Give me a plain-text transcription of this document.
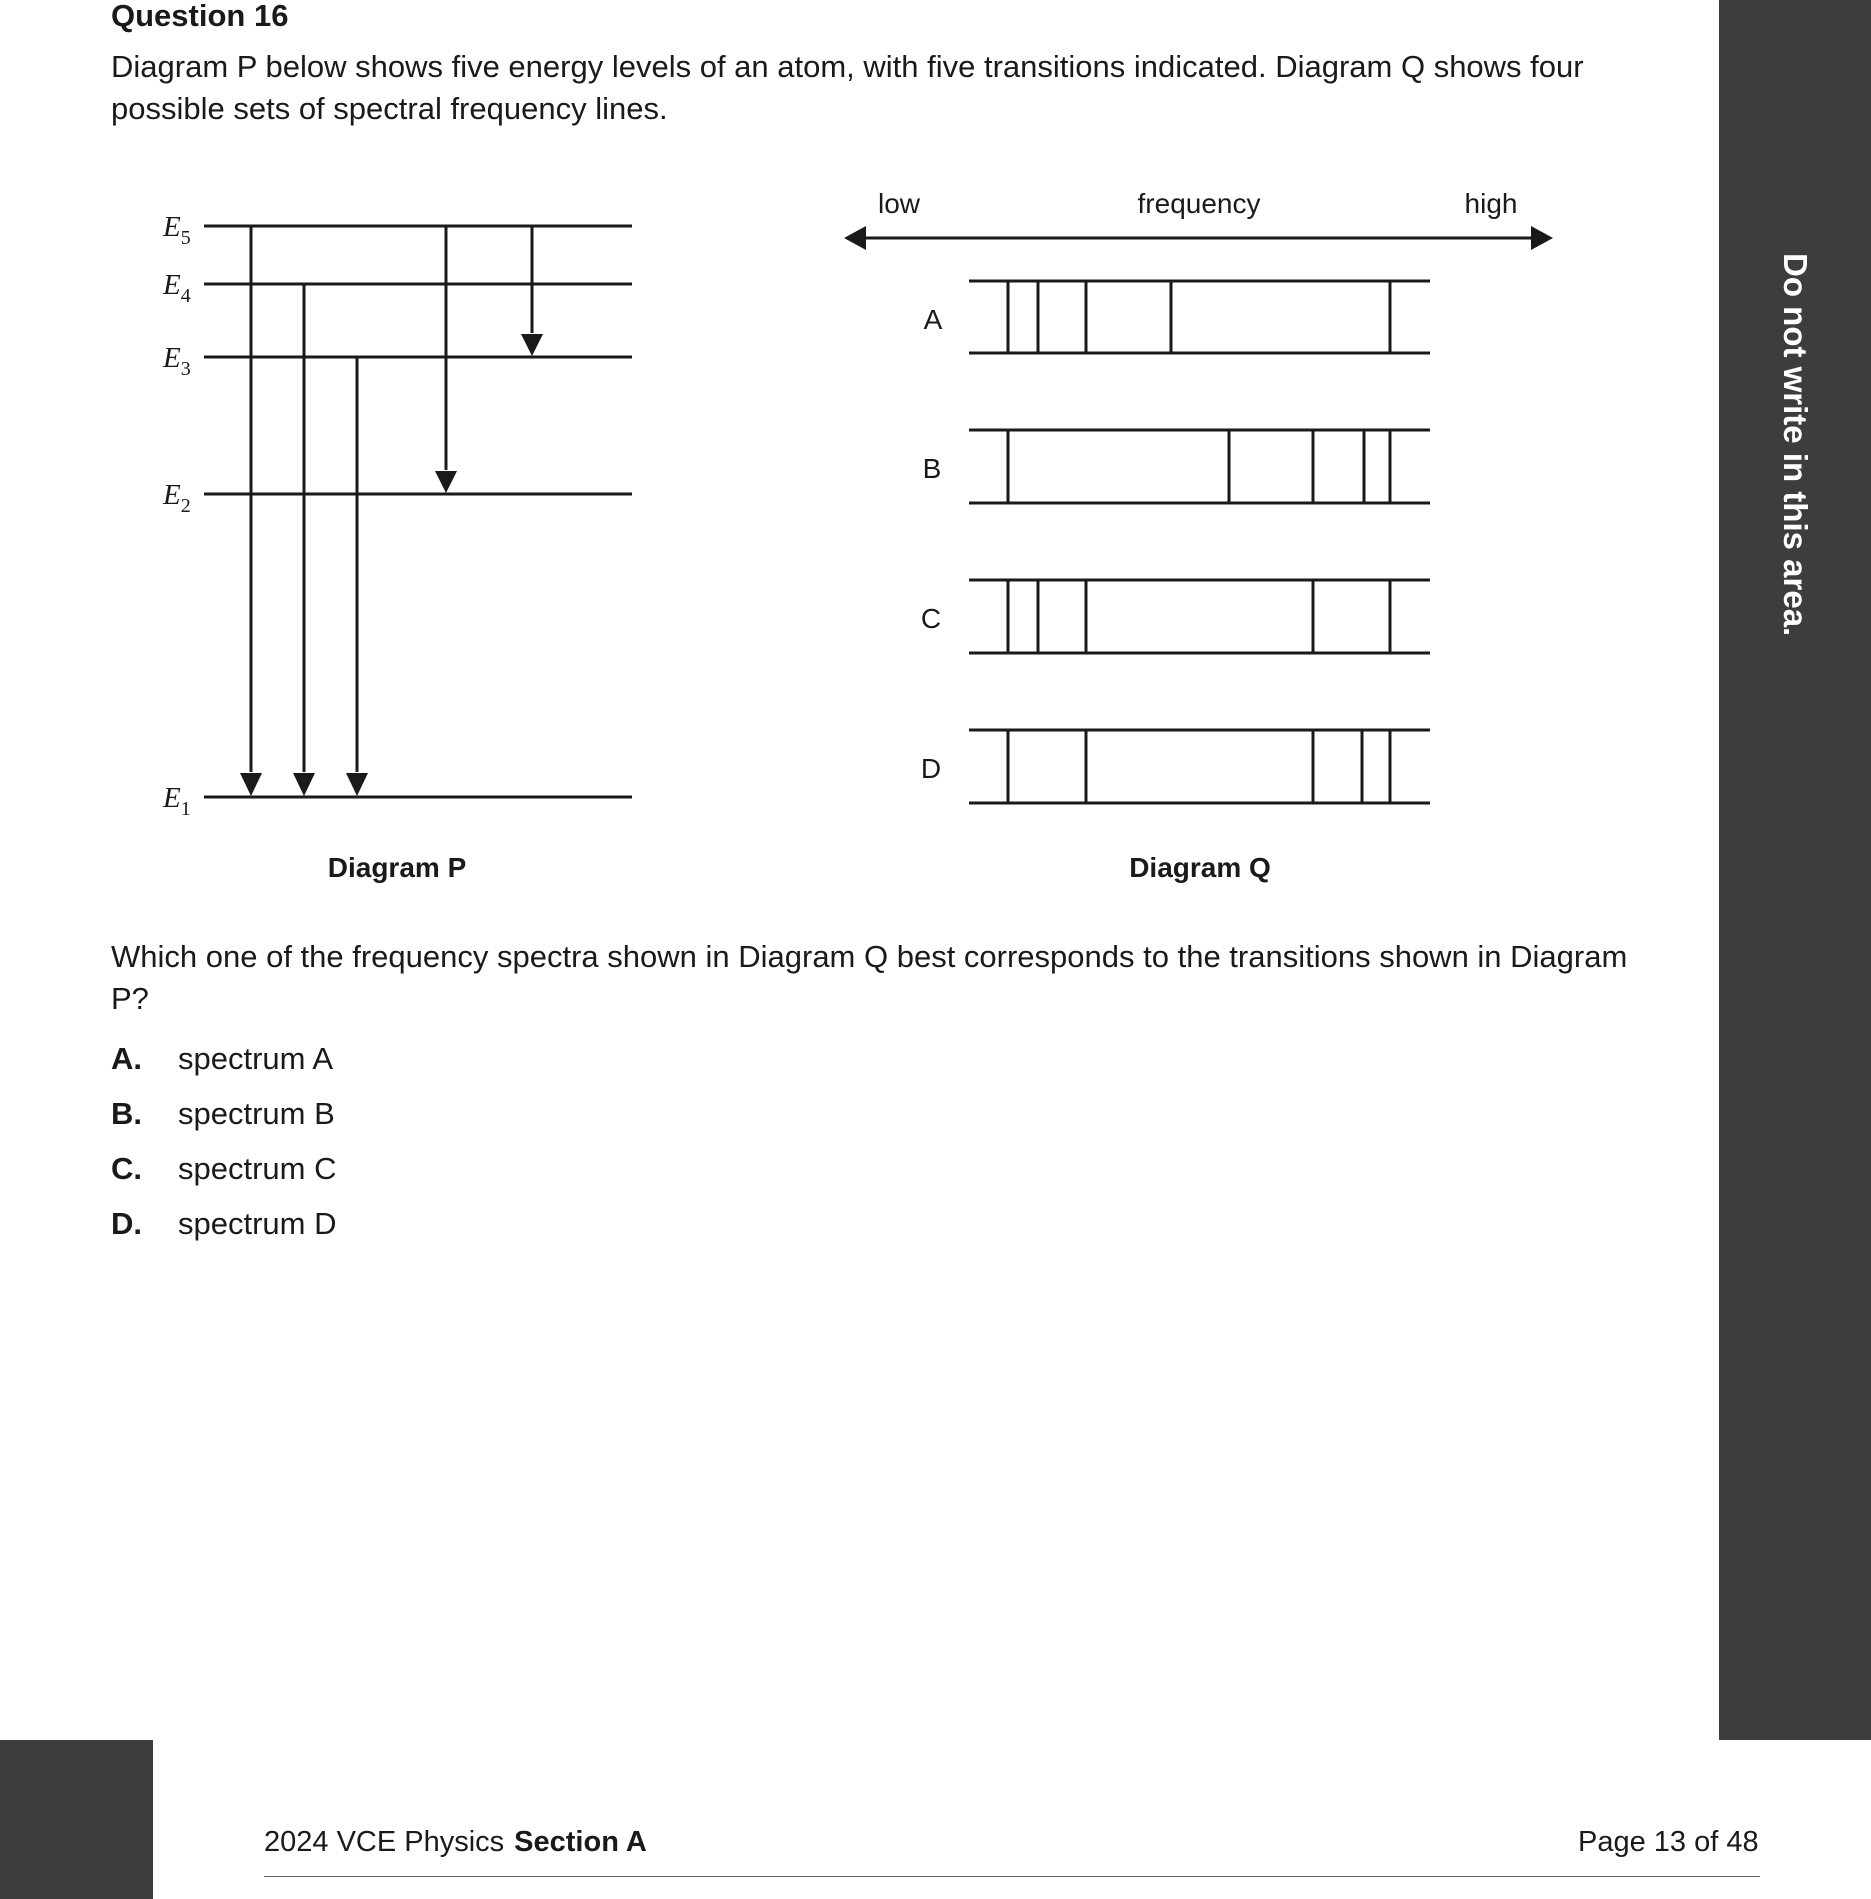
Question 16

Diagram P below shows five energy levels of an atom, with five transitions indicated. Diagram Q shows four possible sets of spectral frequency lines.

$E_5$
$E_4$
$E_3$
$E_2$
$E_1$
Diagram P
low	frequency	high
A
B
C
D
Diagram Q

Which one of the frequency spectra shown in Diagram Q best corresponds to the transitions shown in Diagram P?

A. spectrum A
B. spectrum B
C. spectrum C
D. spectrum D
Do not write in this area.
2024 VCE Physics Section A	Page 13 of 48
